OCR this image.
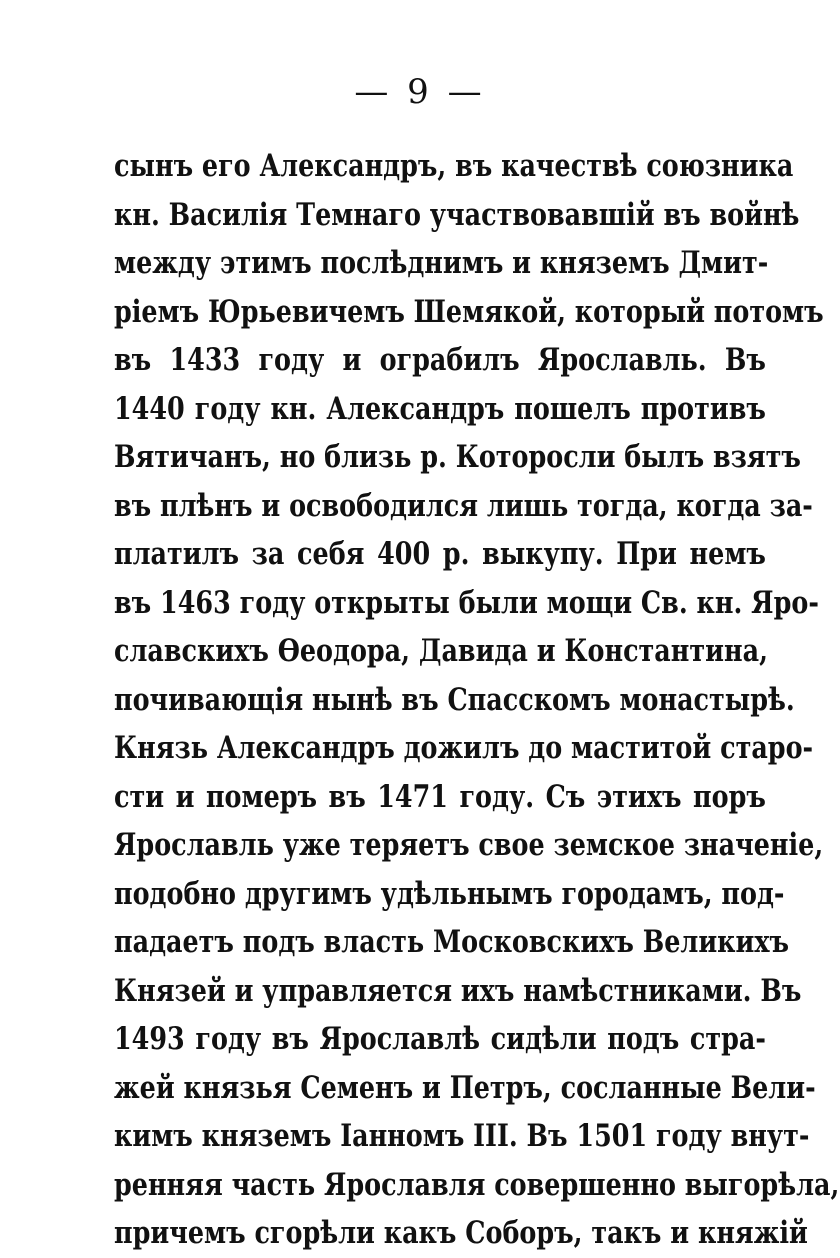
— 9 —
сынъ его Александръ, въ качествѣ союзника
кн. Василія Темнаго участвовавшій въ войнѣ
между этимъ послѣднимъ и княземъ Дмит-
ріемъ Юрьевичемъ Шемякой, который потомъ
въ 1433 году и ограбилъ Ярославль. Въ
1440 году кн. Александръ пошелъ противъ
Вятичанъ, но близь р. Которосли былъ взятъ
въ плѣнъ и освободился лишь тогда, когда за-
платилъ за себя 400 р. выкупу. При немъ
въ 1463 году открыты были мощи Св. кн. Яро-
славскихъ Ѳеодора, Давида и Константина,
почивающія нынѣ въ Спасскомъ монастырѣ.
Князь Александръ дожилъ до маститой старо-
сти и померъ въ 1471 году. Съ этихъ поръ
Ярославль уже теряетъ свое земское значеніе,
подобно другимъ удѣльнымъ городамъ, под-
падаетъ подъ власть Московскихъ Великихъ
Князей и управляется ихъ намѣстниками. Въ
1493 году въ Ярославлѣ сидѣли подъ стра-
жей князья Семенъ и Петръ, сосланные Вели-
кимъ княземъ Іанномъ III. Въ 1501 году внут-
ренняя часть Ярославля совершенно выгорѣла,
причемъ сгорѣли какъ Соборъ, такъ и княжій
